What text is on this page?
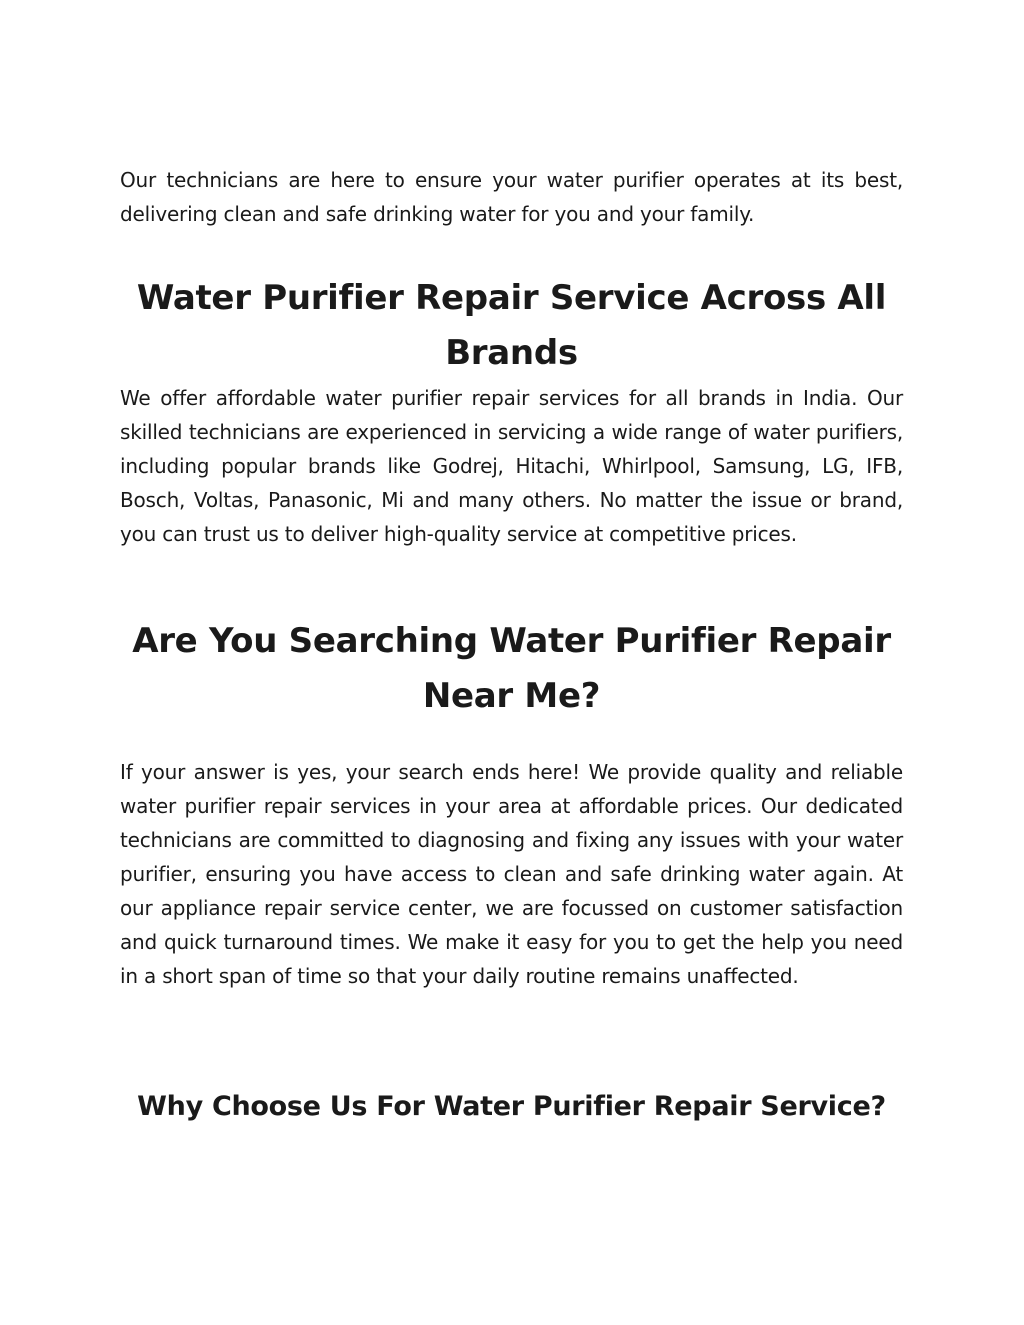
Our technicians are here to ensure your water purifier operates at its best, delivering clean and safe drinking water for you and your family.

Water Purifier Repair Service Across All Brands

We offer affordable water purifier repair services for all brands in India. Our skilled technicians are experienced in servicing a wide range of water purifiers, including popular brands like Godrej, Hitachi, Whirlpool, Samsung, LG, IFB, Bosch, Voltas, Panasonic, Mi and many others. No matter the issue or brand, you can trust us to deliver high-quality service at competitive prices.

Are You Searching Water Purifier Repair Near Me?

If your answer is yes, your search ends here! We provide quality and reliable water purifier repair services in your area at affordable prices. Our dedicated technicians are committed to diagnosing and fixing any issues with your water purifier, ensuring you have access to clean and safe drinking water again. At our appliance repair service center, we are focussed on customer satisfaction and quick turnaround times. We make it easy for you to get the help you need in a short span of time so that your daily routine remains unaffected.

Why Choose Us For Water Purifier Repair Service?
